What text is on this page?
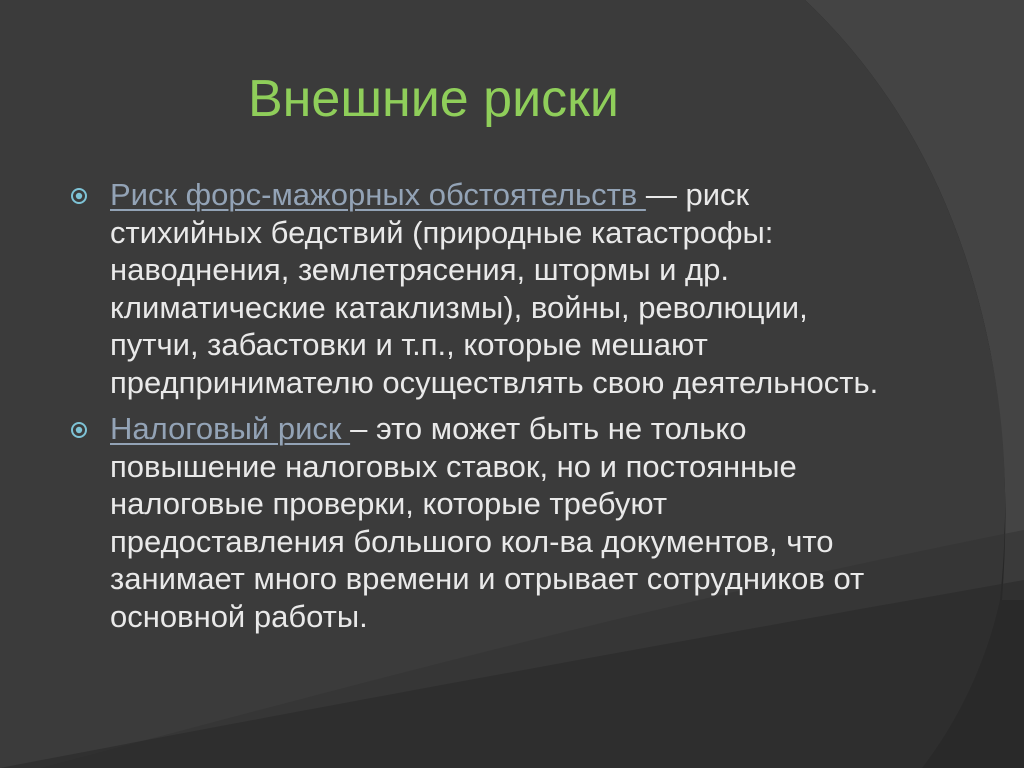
Внешние риски
Риск форс-мажорных обстоятельств — риск стихийных бедствий (природные катастрофы: наводнения, землетрясения, штормы и др. климатические катаклизмы), войны, революции, путчи, забастовки и т.п., которые мешают предпринимателю осуществлять свою деятельность.
Налоговый риск – это может быть не только повышение налоговых ставок, но и постоянные налоговые проверки, которые требуют предоставления большого кол-ва документов, что занимает много времени и отрывает сотрудников от основной работы.
